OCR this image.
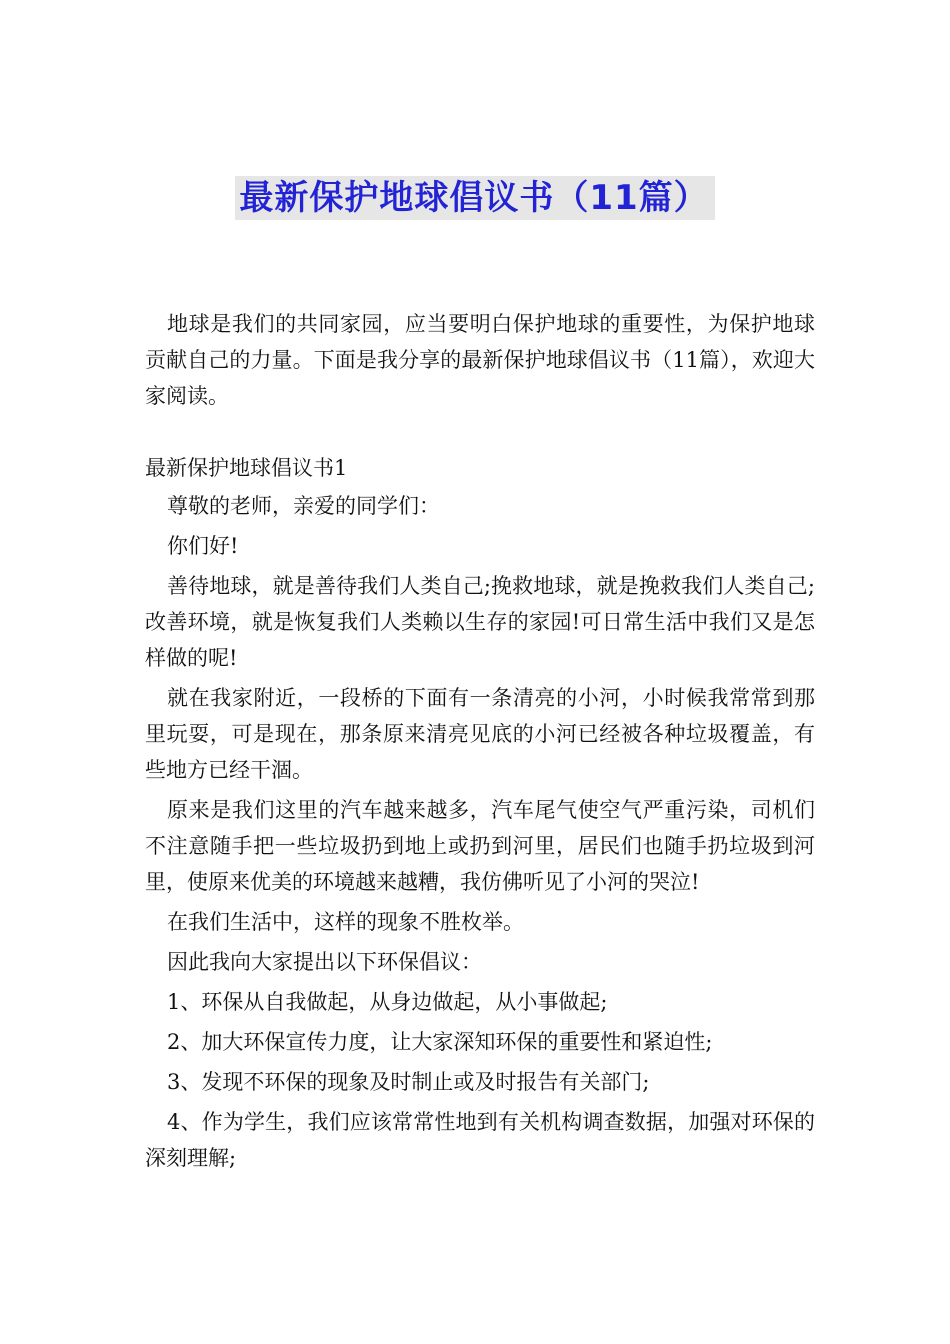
最新保护地球倡议书（11篇）

地球是我们的共同家园，应当要明白保护地球的重要性，为保护地球贡献自己的力量。下面是我分享的最新保护地球倡议书（11篇），欢迎大家阅读。

最新保护地球倡议书1

尊敬的老师，亲爱的同学们：

你们好!

善待地球，就是善待我们人类自己;挽救地球，就是挽救我们人类自己;改善环境，就是恢复我们人类赖以生存的家园!可日常生活中我们又是怎样做的呢!

就在我家附近，一段桥的下面有一条清亮的小河，小时候我常常到那里玩耍，可是现在，那条原来清亮见底的小河已经被各种垃圾覆盖，有些地方已经干涸。

原来是我们这里的汽车越来越多，汽车尾气使空气严重污染，司机们不注意随手把一些垃圾扔到地上或扔到河里，居民们也随手扔垃圾到河里，使原来优美的环境越来越糟，我仿佛听见了小河的哭泣!

在我们生活中，这样的现象不胜枚举。

因此我向大家提出以下环保倡议：

1、环保从自我做起，从身边做起，从小事做起;

2、加大环保宣传力度，让大家深知环保的重要性和紧迫性;

3、发现不环保的现象及时制止或及时报告有关部门;

4、作为学生，我们应该常常性地到有关机构调查数据，加强对环保的深刻理解;
